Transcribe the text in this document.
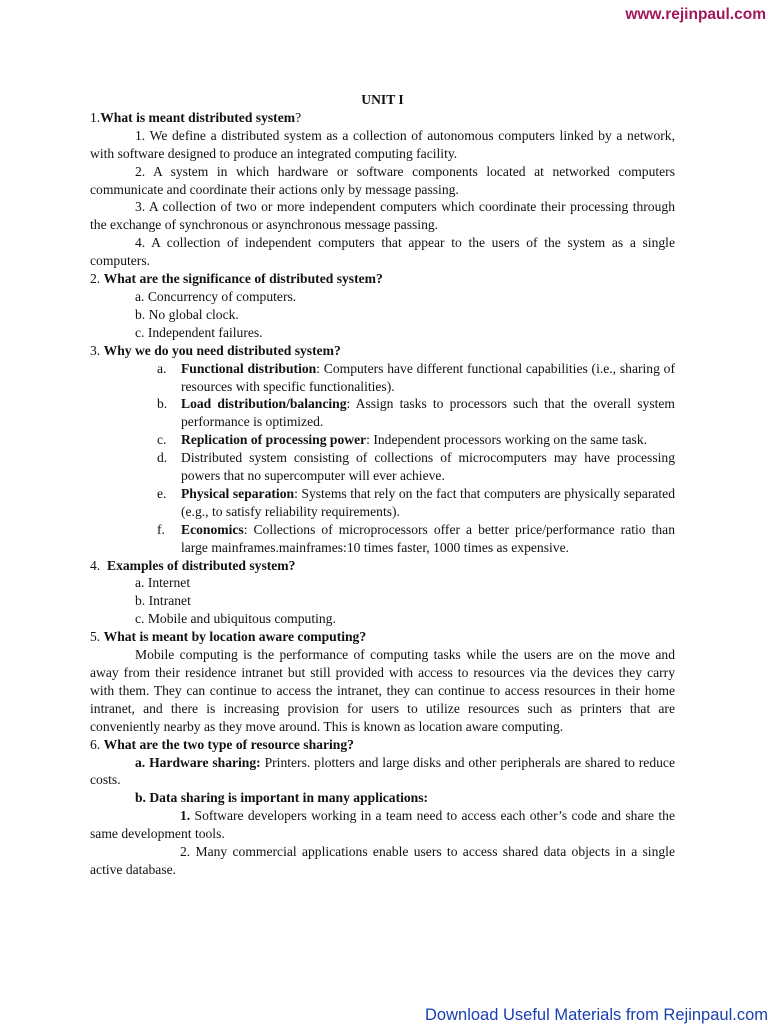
www.rejinpaul.com

UNIT I

1.What is meant distributed system?

1. We define a distributed system as a collection of autonomous computers linked by a network, with software designed to produce an integrated computing facility.

2. A system in which hardware or software components located at networked computers communicate and coordinate their actions only by message passing.

3. A collection of two or more independent computers which coordinate their processing through the exchange of synchronous or asynchronous message passing.

4. A collection of independent computers that appear to the users of the system as a single computers.

2. What are the significance of distributed system?

a. Concurrency of computers.

b. No global clock.

c. Independent failures.

3. Why we do you need distributed system?

a.	Functional distribution: Computers have different functional capabilities (i.e., sharing of resources with specific functionalities).
b.	Load distribution/balancing: Assign tasks to processors such that the overall system performance is optimized.
c.	Replication of processing power: Independent processors working on the same task.
d.	Distributed system consisting of collections of microcomputers may have processing powers that no supercomputer will ever achieve.
e.	Physical separation: Systems that rely on the fact that computers are physically separated (e.g., to satisfy reliability requirements).
f.	Economics: Collections of microprocessors offer a better price/performance ratio than large mainframes.mainframes:10 times faster, 1000 times as expensive.

4.  Examples of distributed system?

a. Internet

b. Intranet

c. Mobile and ubiquitous computing.

5. What is meant by location aware computing?

Mobile computing is the performance of computing tasks while the users are on the move and away from their residence intranet but still provided with access to resources via the devices they carry with them. They can continue to access the intranet, they can continue to access resources in their home intranet, and there is increasing provision for users to utilize resources such as printers that are conveniently nearby as they move around. This is known as location aware computing.

6. What are the two type of resource sharing?

a. Hardware sharing: Printers. plotters and large disks and other peripherals are shared to reduce costs.

b. Data sharing is important in many applications:

1. Software developers working in a team need to access each other’s code and share the same development tools.

2. Many commercial applications enable users to access shared data objects in a single active database.

Download Useful Materials from Rejinpaul.com
